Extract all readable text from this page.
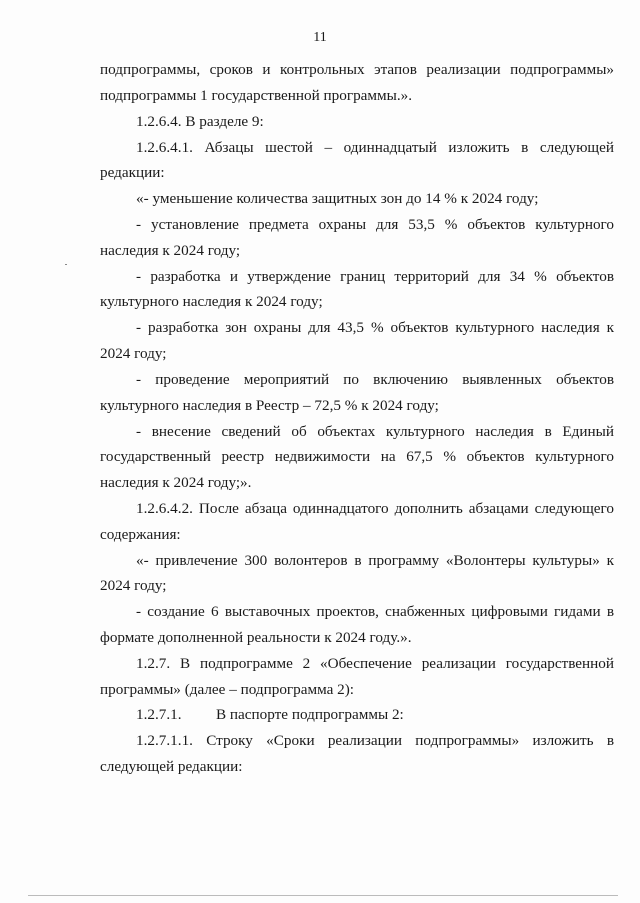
11
подпрограммы, сроков и контрольных этапов реализации подпрограммы»
подпрограммы 1 государственной программы.».
1.2.6.4. В разделе 9:
1.2.6.4.1. Абзацы шестой – одиннадцатый изложить в следующей
редакции:
«- уменьшение количества защитных зон до 14 % к 2024 году;
- установление предмета охраны для 53,5 % объектов культурного
наследия к 2024 году;
- разработка и утверждение границ территорий для 34 % объектов
культурного наследия к 2024 году;
- разработка зон охраны для 43,5 % объектов культурного наследия к
2024 году;
- проведение мероприятий по включению выявленных объектов
культурного наследия в Реестр – 72,5 % к 2024 году;
- внесение сведений об объектах культурного наследия в Единый
государственный реестр недвижимости на 67,5 % объектов культурного
наследия к 2024 году;».
1.2.6.4.2. После абзаца одиннадцатого дополнить абзацами следующего
содержания:
«- привлечение 300 волонтеров в программу «Волонтеры культуры» к
2024 году;
- создание 6 выставочных проектов, снабженных цифровыми гидами в
формате дополненной реальности к 2024 году.».
1.2.7. В подпрограмме 2 «Обеспечение реализации государственной
программы» (далее – подпрограмма 2):
1.2.7.1. В паспорте подпрограммы 2:
1.2.7.1.1. Строку «Сроки реализации подпрограммы» изложить в
следующей редакции:
